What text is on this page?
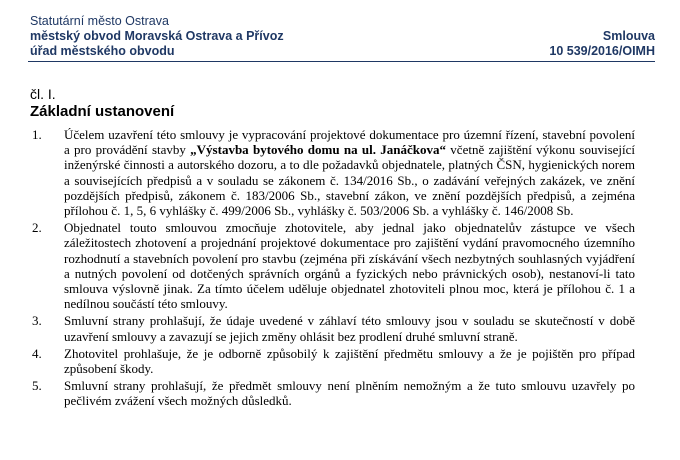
Statutární město Ostrava
městský obvod Moravská Ostrava a Přívoz
úřad městského obvodu
Smlouva
10 539/2016/OIMH
čl. I.
Základní ustanovení
1. Účelem uzavření této smlouvy je vypracování projektové dokumentace pro územní řízení, stavební povolení a pro provádění stavby „Výstavba bytového domu na ul. Janáčkova“ včetně zajištění výkonu související inženýrské činnosti a autorského dozoru, a to dle požadavků objednatele, platných ČSN, hygienických norem a souvisejících předpisů a v souladu se zákonem č. 134/2016 Sb., o zadávání veřejných zakázek, ve znění pozdějších předpisů, zákonem č. 183/2006 Sb., stavební zákon, ve znění pozdějších předpisů, a zejména přílohou č. 1, 5, 6 vyhlášky č. 499/2006 Sb., vyhlášky č. 503/2006 Sb. a vyhlášky č. 146/2008 Sb.
2. Objednatel touto smlouvou zmocňuje zhotovitele, aby jednal jako objednatelův zástupce ve všech záležitostech zhotovení a projednání projektové dokumentace pro zajištění vydání pravomocného územního rozhodnutí a stavebních povolení pro stavbu (zejména při získávání všech nezbytných souhlasných vyjádření a nutných povolení od dotčených správních orgánů a fyzických nebo právnických osob), nestanoví-li tato smlouva výslovně jinak. Za tímto účelem uděluje objednatel zhotoviteli plnou moc, která je přílohou č. 1 a nedílnou součástí této smlouvy.
3. Smluvní strany prohlašují, že údaje uvedené v záhlaví této smlouvy jsou v souladu se skutečností v době uzavření smlouvy a zavazují se jejich změny ohlásit bez prodlení druhé smluvní straně.
4. Zhotovitel prohlašuje, že je odborně způsobilý k zajištění předmětu smlouvy a že je pojištěn pro případ způsobení škody.
5. Smluvní strany prohlašují, že předmět smlouvy není plněním nemožným a že tuto smlouvu uzavřely po pečlivém zvážení všech možných důsledků.
